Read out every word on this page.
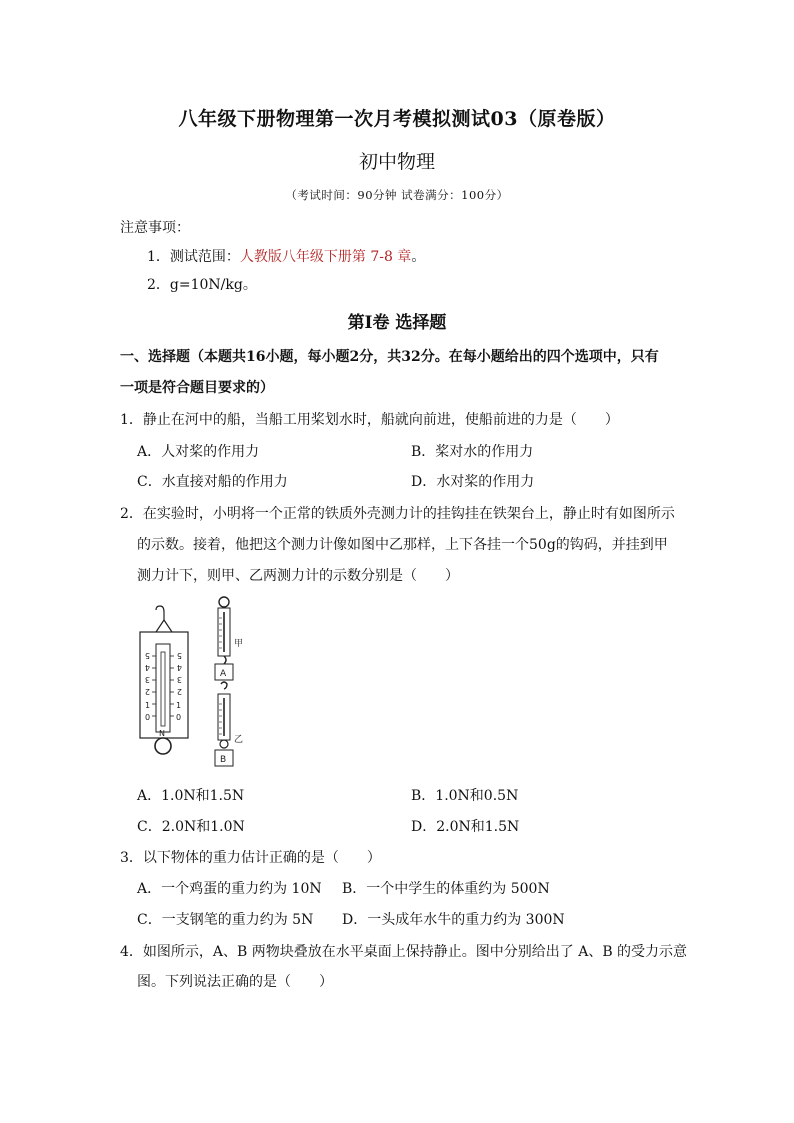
八年级下册物理第一次月考模拟测试03（原卷版）
初中物理
（考试时间：90分钟 试卷满分：100分）
注意事项：
1．测试范围：人教版八年级下册第 7-8 章。
2．g=10N/kg。
第Ⅰ卷 选择题
一、选择题（本题共16小题，每小题2分，共32分。在每小题给出的四个选项中，只有
一项是符合题目要求的）
1．静止在河中的船，当船工用桨划水时，船就向前进，使船前进的力是（　　）
A．人对桨的作用力	B．桨对水的作用力
C．水直接对船的作用力	D．水对桨的作用力
2．在实验时，小明将一个正常的铁质外壳测力计的挂钩挂在铁架台上，静止时有如图所示
的示数。接着，他把这个测力计像如图中乙那样，上下各挂一个50g的钩码，并挂到甲
测力计下，则甲、乙两测力计的示数分别是（　　）
5
4
3
2
1
0
5
4
3
2
1
0
N
甲
A
乙
B
A．1.0N和1.5N	B．1.0N和0.5N
C．2.0N和1.0N	D．2.0N和1.5N
3．以下物体的重力估计正确的是（　　）
A．一个鸡蛋的重力约为 10N B．一个中学生的体重约为 500N
C．一支钢笔的重力约为 5N D．一头成年水牛的重力约为 300N
4．如图所示，A、B 两物块叠放在水平桌面上保持静止。图中分别给出了 A、B 的受力示意
图。下列说法正确的是（　　）
